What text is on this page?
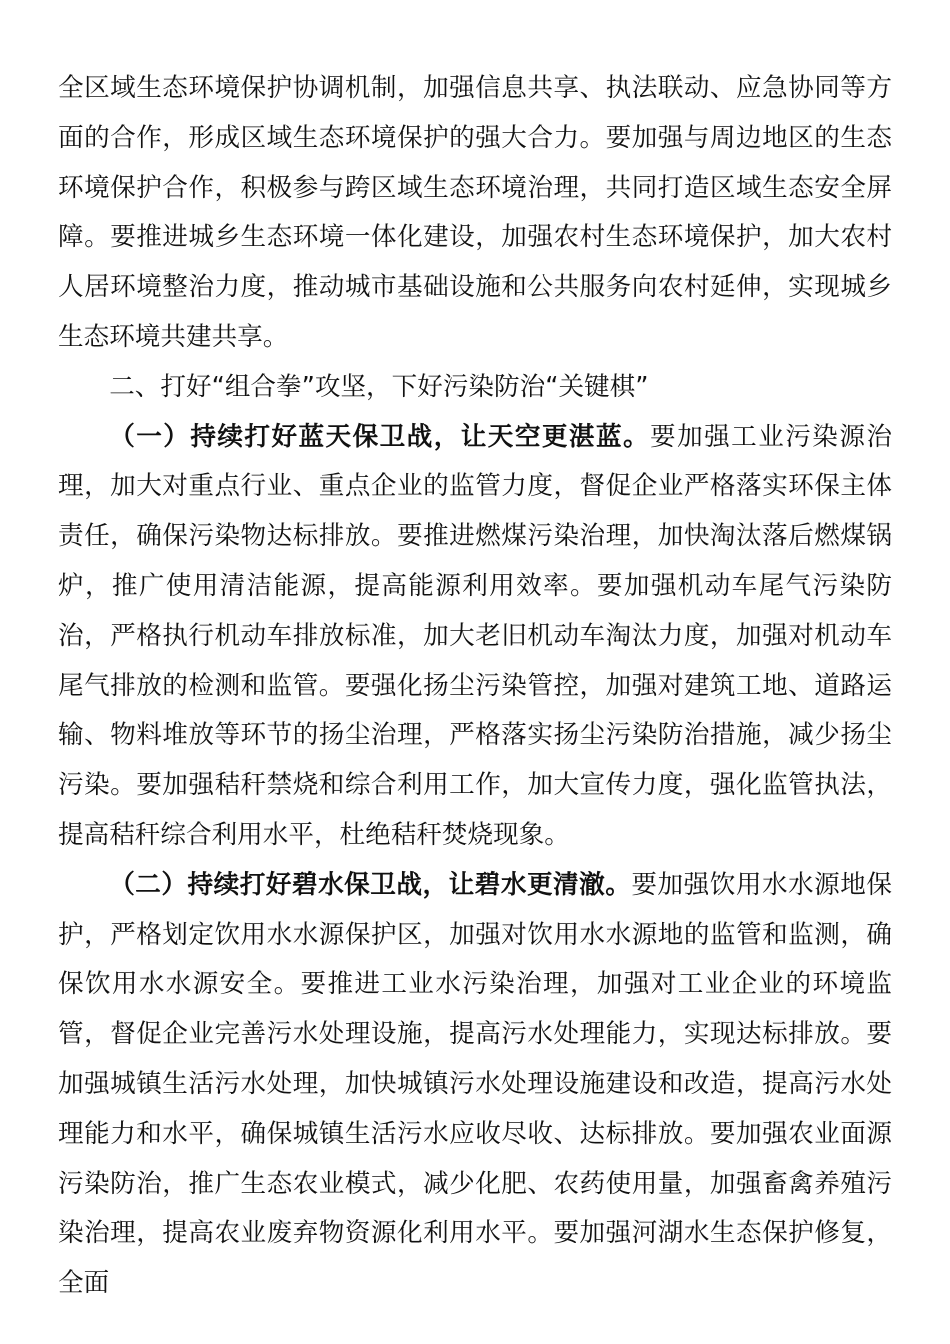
全区域生态环境保护协调机制，加强信息共享、执法联动、应急协同等方面的合作，形成区域生态环境保护的强大合力。要加强与周边地区的生态环境保护合作，积极参与跨区域生态环境治理，共同打造区域生态安全屏障。要推进城乡生态环境一体化建设，加强农村生态环境保护，加大农村人居环境整治力度，推动城市基础设施和公共服务向农村延伸，实现城乡生态环境共建共享。

二、打好“组合拳”攻坚，下好污染防治“关键棋”

（一）持续打好蓝天保卫战，让天空更湛蓝。要加强工业污染源治理，加大对重点行业、重点企业的监管力度，督促企业严格落实环保主体责任，确保污染物达标排放。要推进燃煤污染治理，加快淘汰落后燃煤锅炉，推广使用清洁能源，提高能源利用效率。要加强机动车尾气污染防治，严格执行机动车排放标准，加大老旧机动车淘汰力度，加强对机动车尾气排放的检测和监管。要强化扬尘污染管控，加强对建筑工地、道路运输、物料堆放等环节的扬尘治理，严格落实扬尘污染防治措施，减少扬尘污染。要加强秸秆禁烧和综合利用工作，加大宣传力度，强化监管执法，提高秸秆综合利用水平，杜绝秸秆焚烧现象。

（二）持续打好碧水保卫战，让碧水更清澈。要加强饮用水水源地保护，严格划定饮用水水源保护区，加强对饮用水水源地的监管和监测，确保饮用水水源安全。要推进工业水污染治理，加强对工业企业的环境监管，督促企业完善污水处理设施，提高污水处理能力，实现达标排放。要加强城镇生活污水处理，加快城镇污水处理设施建设和改造，提高污水处理能力和水平，确保城镇生活污水应收尽收、达标排放。要加强农业面源污染防治，推广生态农业模式，减少化肥、农药使用量，加强畜禽养殖污染治理，提高农业废弃物资源化利用水平。要加强河湖水生态保护修复，全面
